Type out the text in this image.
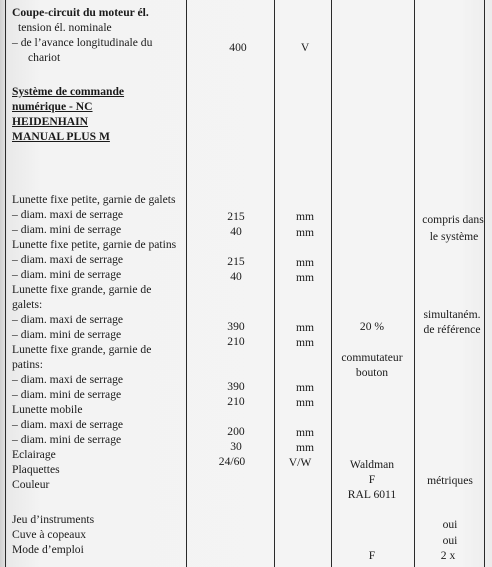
Coupe-circuit du moteur él.
tension él. nominale
– de l’avance longitudinale du
chariot
Système de commande
numérique - NC
HEIDENHAIN
MANUAL PLUS M
Lunette fixe petite, garnie de galets
– diam. maxi de serrage
– diam. mini de serrage
Lunette fixe petite, garnie de patins
– diam. maxi de serrage
– diam. mini de serrage
Lunette fixe grande, garnie de
galets:
– diam. maxi de serrage
– diam. mini de serrage
Lunette fixe grande, garnie de
patins:
– diam. maxi de serrage
– diam. mini de serrage
Lunette mobile
– diam. maxi de serrage
– diam. mini de serrage
Eclairage
Plaquettes
Couleur
Jeu d’instruments
Cuve à copeaux
Mode d’emploi
400
215
40
215
40
390
210
390
210
200
30
24/60
V
mm
mm
mm
mm
mm
mm
mm
mm
mm
mm
V/W
20 %
commutateur
bouton
Waldman
F
RAL 6011
F
compris dans
le système
simultaném.
de référence
métriques
oui
oui
2 x
